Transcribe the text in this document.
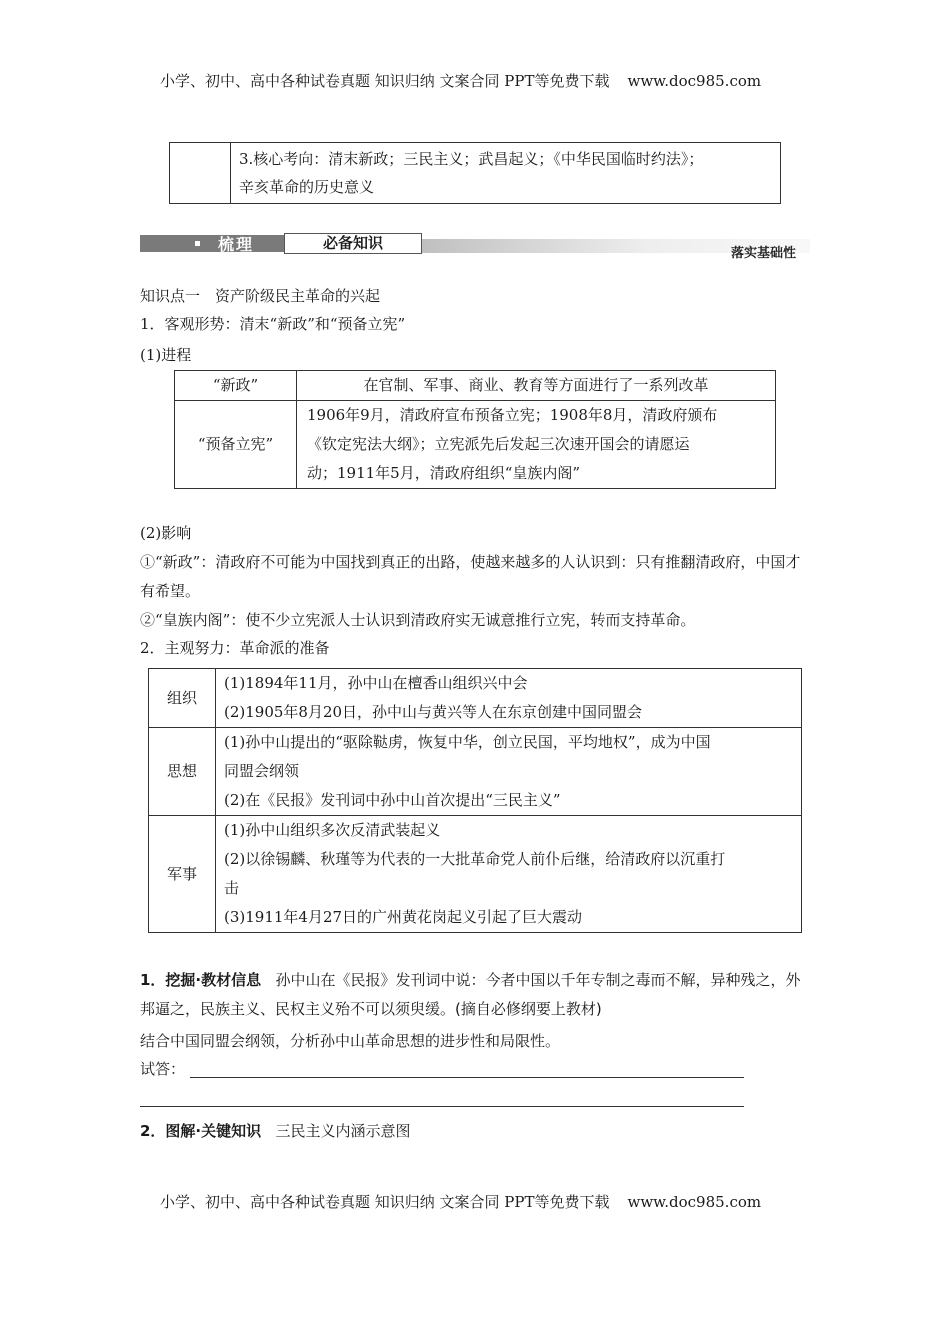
小学、初中、高中各种试卷真题 知识归纳 文案合同 PPT等免费下载 www.doc985.com

3.核心考向：清末新政；三民主义；武昌起义；《中华民国临时约法》；
辛亥革命的历史意义
梳理	必备知识
落实基础性
知识点一　资产阶级民主革命的兴起
1．客观形势：清末“新政”和“预备立宪”
(1)进程
“新政”	在官制、军事、商业、教育等方面进行了一系列改革

“预备立宪”	1906年9月，清政府宣布预备立宪；1908年8月，清政府颁布
《钦定宪法大纲》；立宪派先后发起三次速开国会的请愿运
动；1911年5月，清政府组织“皇族内阁”
(2)影响
①“新政”：清政府不可能为中国找到真正的出路，使越来越多的人认识到：只有推翻清政府，中国才有希望。
②“皇族内阁”：使不少立宪派人士认识到清政府实无诚意推行立宪，转而支持革命。
2．主观努力：革命派的准备
组织	(1)1894年11月，孙中山在檀香山组织兴中会
(2)1905年8月20日，孙中山与黄兴等人在东京创建中国同盟会

思想	(1)孙中山提出的“驱除鞑虏，恢复中华，创立民国，平均地权”，成为中国
同盟会纲领
(2)在《民报》发刊词中孙中山首次提出“三民主义”

军事	(1)孙中山组织多次反清武装起义
(2)以徐锡麟、秋瑾等为代表的一大批革命党人前仆后继，给清政府以沉重打
击
(3)1911年4月27日的广州黄花岗起义引起了巨大震动
1．挖掘·教材信息 孙中山在《民报》发刊词中说：今者中国以千年专制之毒而不解，异种残之，外邦逼之，民族主义、民权主义殆不可以须臾缓。(摘自必修纲要上教材)
结合中国同盟会纲领，分析孙中山革命思想的进步性和局限性。
试答：
2．图解·关键知识 三民主义内涵示意图
小学、初中、高中各种试卷真题 知识归纳 文案合同 PPT等免费下载 www.doc985.com
